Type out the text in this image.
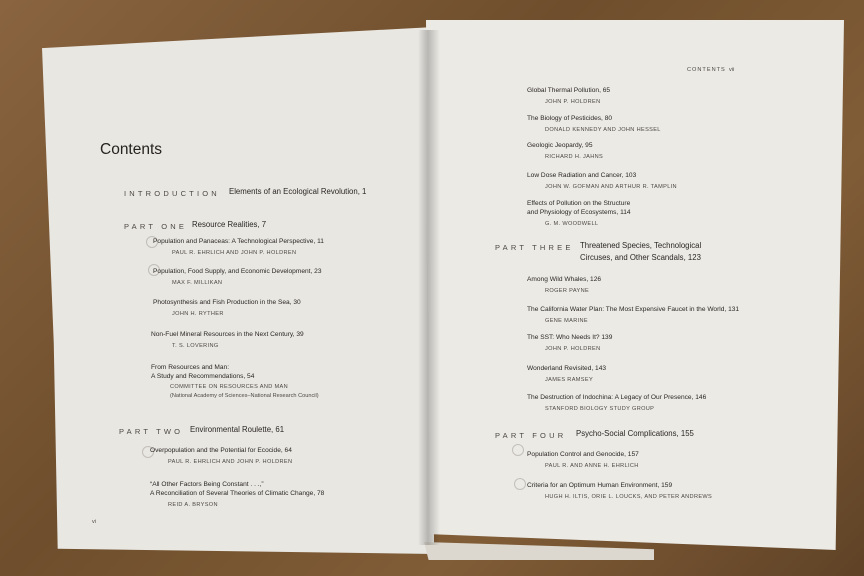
Contents
INTRODUCTION Elements of an Ecological Revolution, 1
PART ONE Resource Realities, 7
Population and Panaceas: A Technological Perspective, 11
PAUL R. EHRLICH AND JOHN P. HOLDREN
Population, Food Supply, and Economic Development, 23
MAX F. MILLIKAN
Photosynthesis and Fish Production in the Sea, 30
JOHN H. RYTHER
Non-Fuel Mineral Resources in the Next Century, 39
T. S. LOVERING
From Resources and Man:
A Study and Recommendations, 54
COMMITTEE ON RESOURCES AND MAN
(National Academy of Sciences–National Research Council)
PART TWO Environmental Roulette, 61
Overpopulation and the Potential for Ecocide, 64
PAUL R. EHRLICH AND JOHN P. HOLDREN
“All Other Factors Being Constant . . .,”
A Reconciliation of Several Theories of Climatic Change, 78
REID A. BRYSON
vi
CONTENTS vii
Global Thermal Pollution, 65
JOHN P. HOLDREN
The Biology of Pesticides, 80
DONALD KENNEDY AND JOHN HESSEL
Geologic Jeopardy, 95
RICHARD H. JAHNS
Low Dose Radiation and Cancer, 103
JOHN W. GOFMAN AND ARTHUR R. TAMPLIN
Effects of Pollution on the Structure
and Physiology of Ecosystems, 114
G. M. WOODWELL
PART THREE Threatened Species, Technological
Circuses, and Other Scandals, 123
Among Wild Whales, 126
ROGER PAYNE
The California Water Plan: The Most Expensive Faucet in the World, 131
GENE MARINE
The SST: Who Needs It? 139
JOHN P. HOLDREN
Wonderland Revisited, 143
JAMES RAMSEY
The Destruction of Indochina: A Legacy of Our Presence, 146
STANFORD BIOLOGY STUDY GROUP
PART FOUR Psycho-Social Complications, 155
Population Control and Genocide, 157
PAUL R. AND ANNE H. EHRLICH
Criteria for an Optimum Human Environment, 159
HUGH H. ILTIS, ORIE L. LOUCKS, AND PETER ANDREWS
